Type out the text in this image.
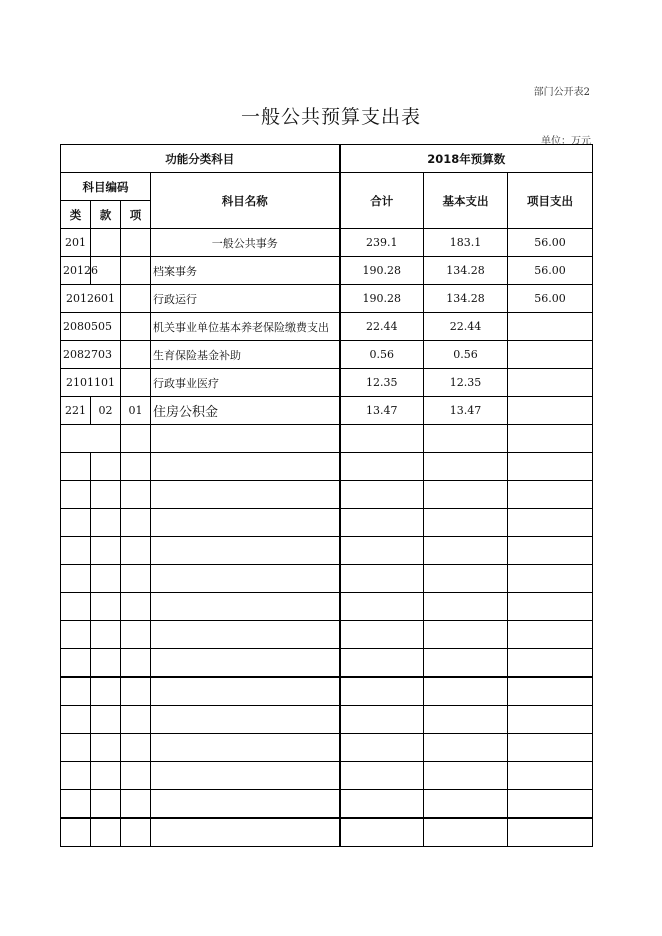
部门公开表2
一般公共预算支出表
单位：万元
功能分类科目				2018年预算数		
科目编码			科目名称	合计	基本支出	项目支出
类	款	项				
201			一般公共事务	239.1	183.1	56.00
20126			档案事务	190.28	134.28	56.00
2012601			行政运行	190.28	134.28	56.00
2080505			机关事业单位基本养老保险缴费支出	22.44	22.44	
2082703			生育保险基金补助	0.56	0.56	
2101101			行政事业医疗	12.35	12.35	
221	02	01	住房公积金	13.47	13.47	
